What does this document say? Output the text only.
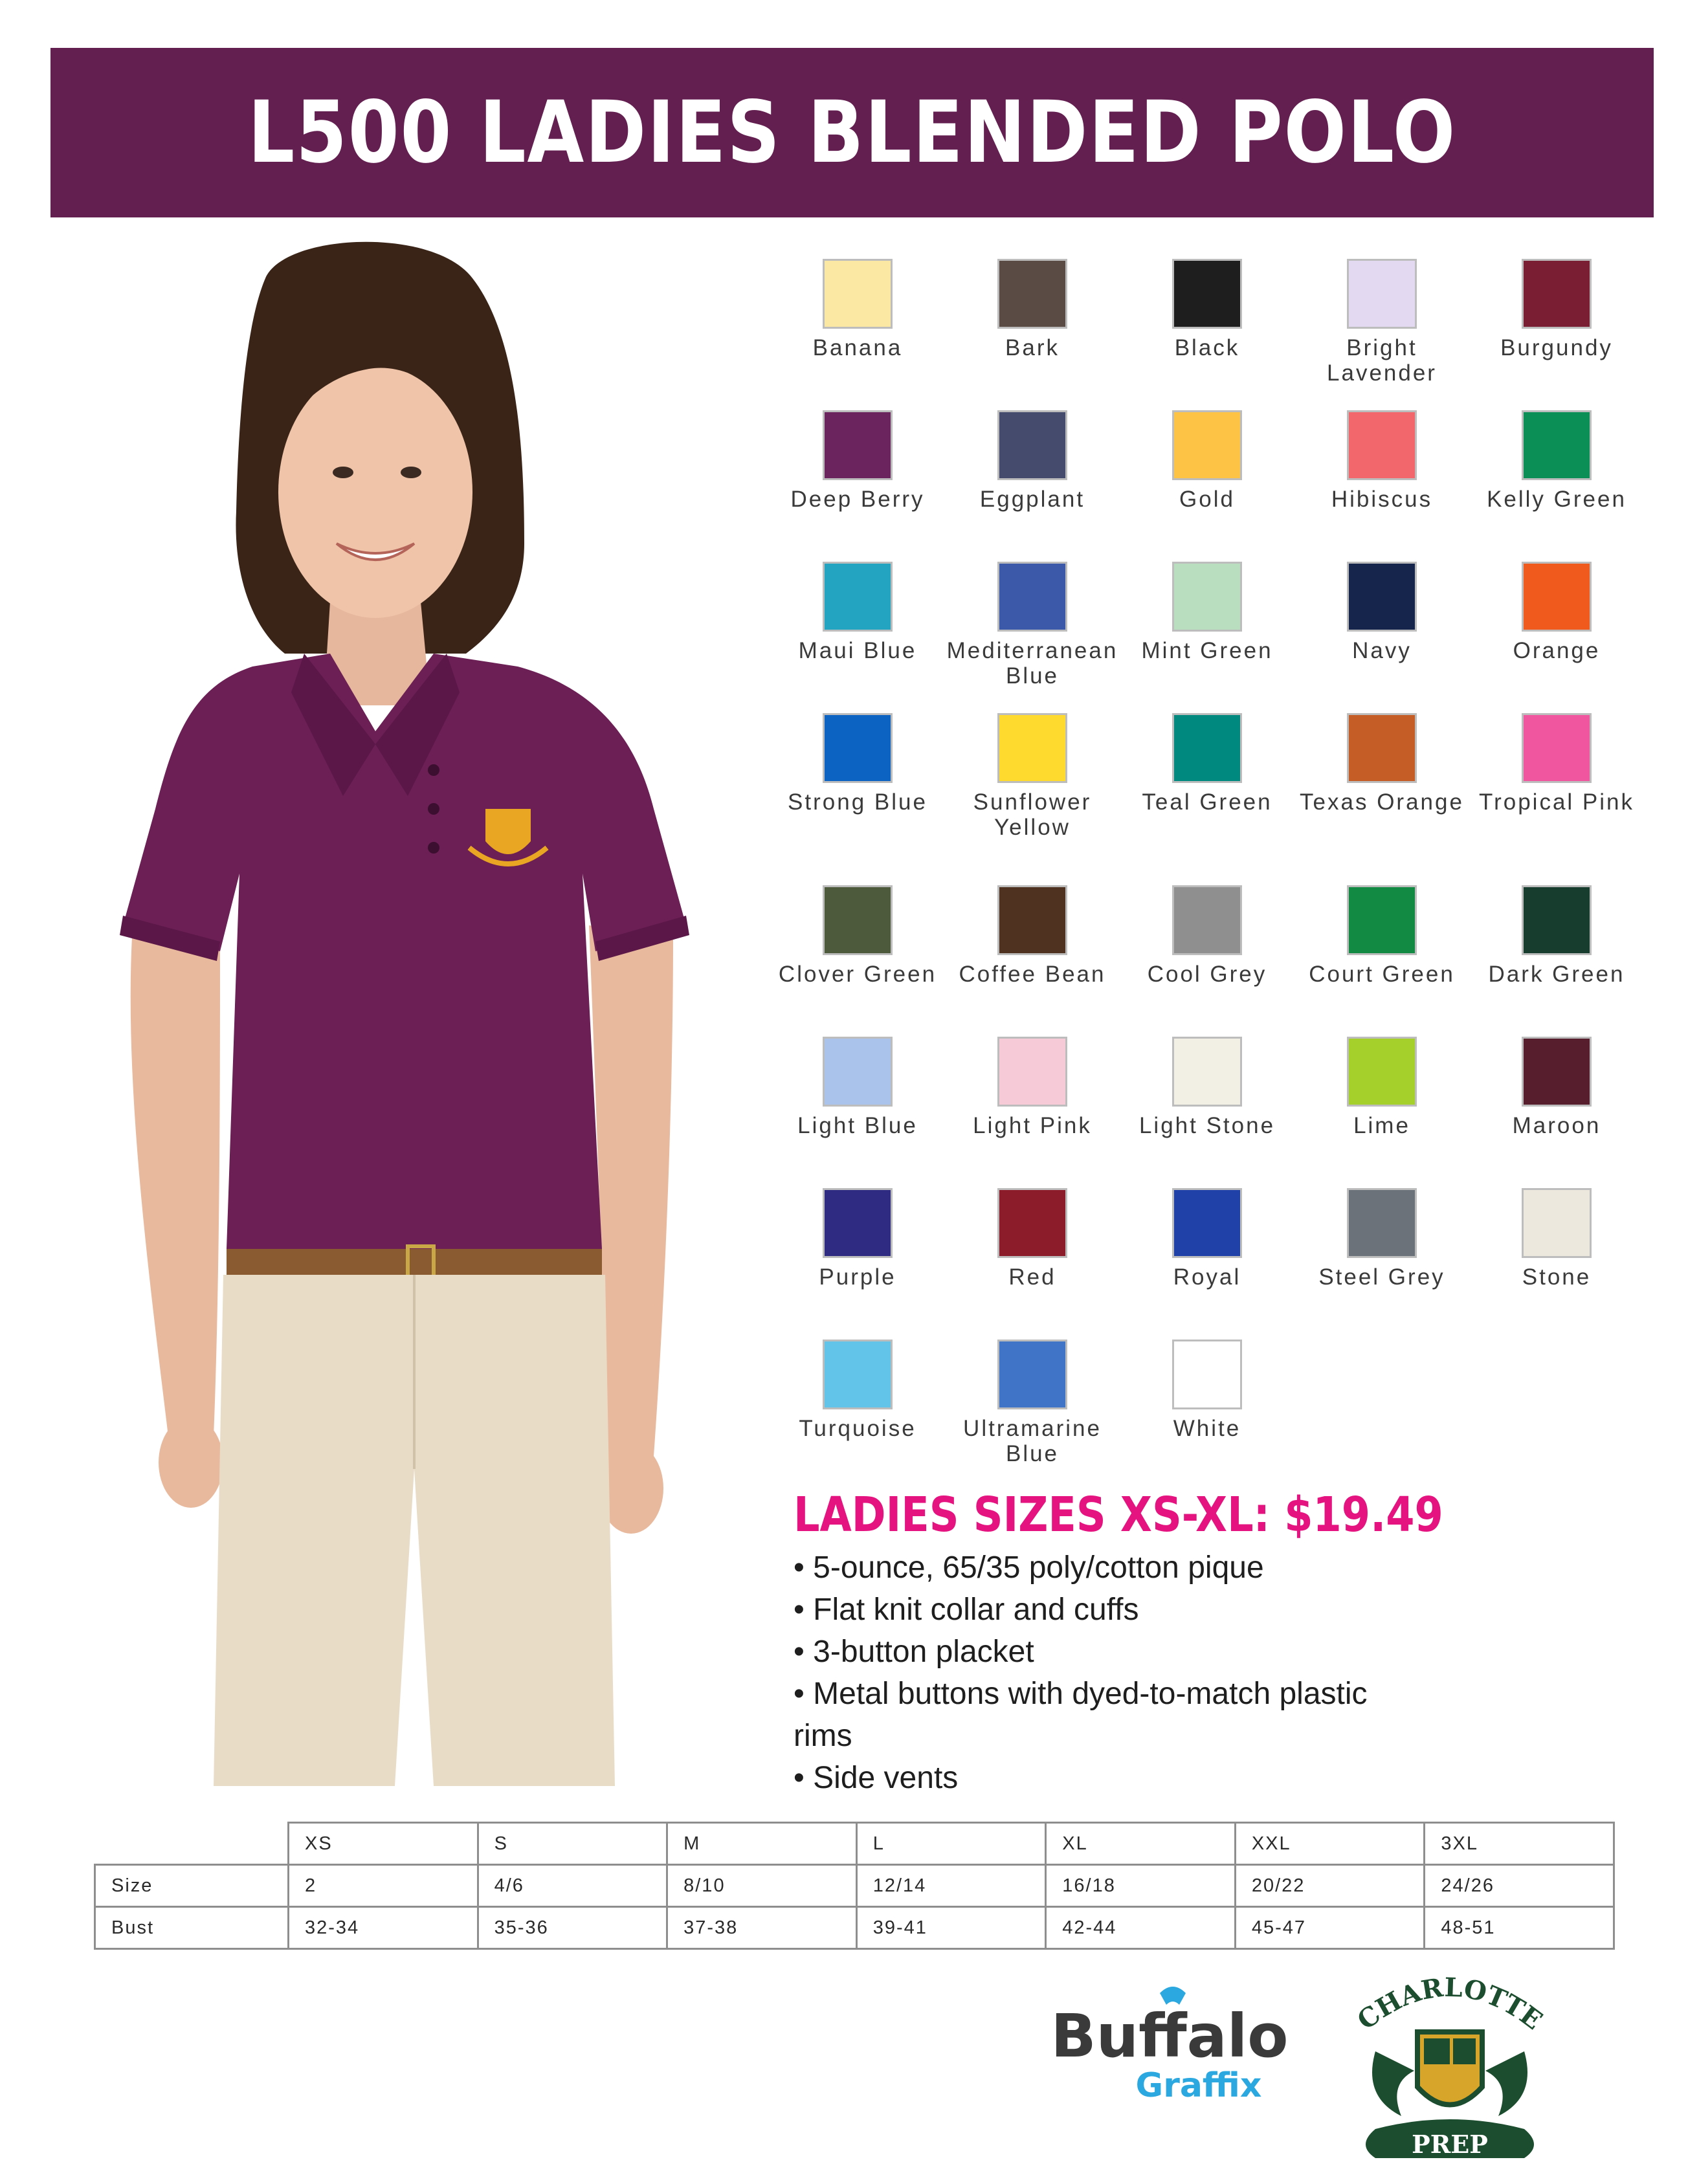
L500 LADIES BLENDED POLO
Banana	Bark	Black	Bright Lavender
Burgundy
Deep Berry	Eggplant	Gold	Hibiscus	Kelly Green
Maui Blue	Mediterranean Blue
Mint Green	Navy	Orange
Strong Blue	Sunflower Yellow
Teal Green	Texas Orange Tropical Pink
Clover Green Coffee Bean	Cool Grey	Court Green	Dark Green
Light Blue	Light Pink	Light Stone	Lime	Maroon
Purple	Red	Royal	Steel Grey	Stone
Turquoise	Ultramarine Blue
White
LADIES SIZES XS-XL: $19.49
• 5-ounce, 65/35 poly/cotton pique
• Flat knit collar and cuffs
• 3-button placket
• Metal buttons with dyed-to-match plastic rims
• Side vents
	XS	S	M	L	XL	XXL	3XL
Size	2	4/6	8/10	12/14	16/18	20/22	24/26
Bust	32-34	35-36	37-38	39-41	42-44	45-47	48-51
Buffalo
Graffix
CHARLOTTE
PREP
